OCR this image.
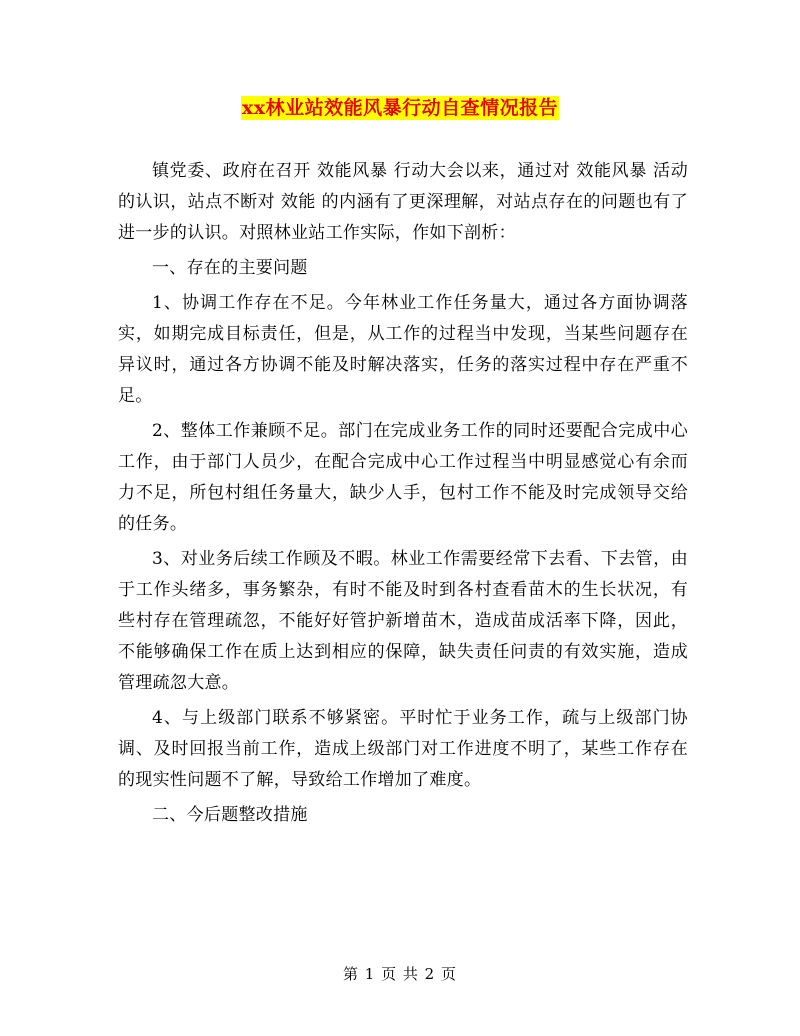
xx林业站效能风暴行动自查情况报告

镇党委、政府在召开 效能风暴 行动大会以来，通过对 效能风暴 活动的认识，站点不断对 效能 的内涵有了更深理解，对站点存在的问题也有了进一步的认识。对照林业站工作实际，作如下剖析：

一、存在的主要问题

1、协调工作存在不足。今年林业工作任务量大，通过各方面协调落实，如期完成目标责任，但是，从工作的过程当中发现，当某些问题存在异议时，通过各方协调不能及时解决落实，任务的落实过程中存在严重不足。

2、整体工作兼顾不足。部门在完成业务工作的同时还要配合完成中心工作，由于部门人员少，在配合完成中心工作过程当中明显感觉心有余而力不足，所包村组任务量大，缺少人手，包村工作不能及时完成领导交给的任务。

3、对业务后续工作顾及不暇。林业工作需要经常下去看、下去管，由于工作头绪多，事务繁杂，有时不能及时到各村查看苗木的生长状况，有些村存在管理疏忽，不能好好管护新增苗木，造成苗成活率下降，因此，不能够确保工作在质上达到相应的保障，缺失责任问责的有效实施，造成管理疏忽大意。

4、与上级部门联系不够紧密。平时忙于业务工作，疏与上级部门协调、及时回报当前工作，造成上级部门对工作进度不明了，某些工作存在的现实性问题不了解，导致给工作增加了难度。

二、今后题整改措施

第 1 页 共 2 页
